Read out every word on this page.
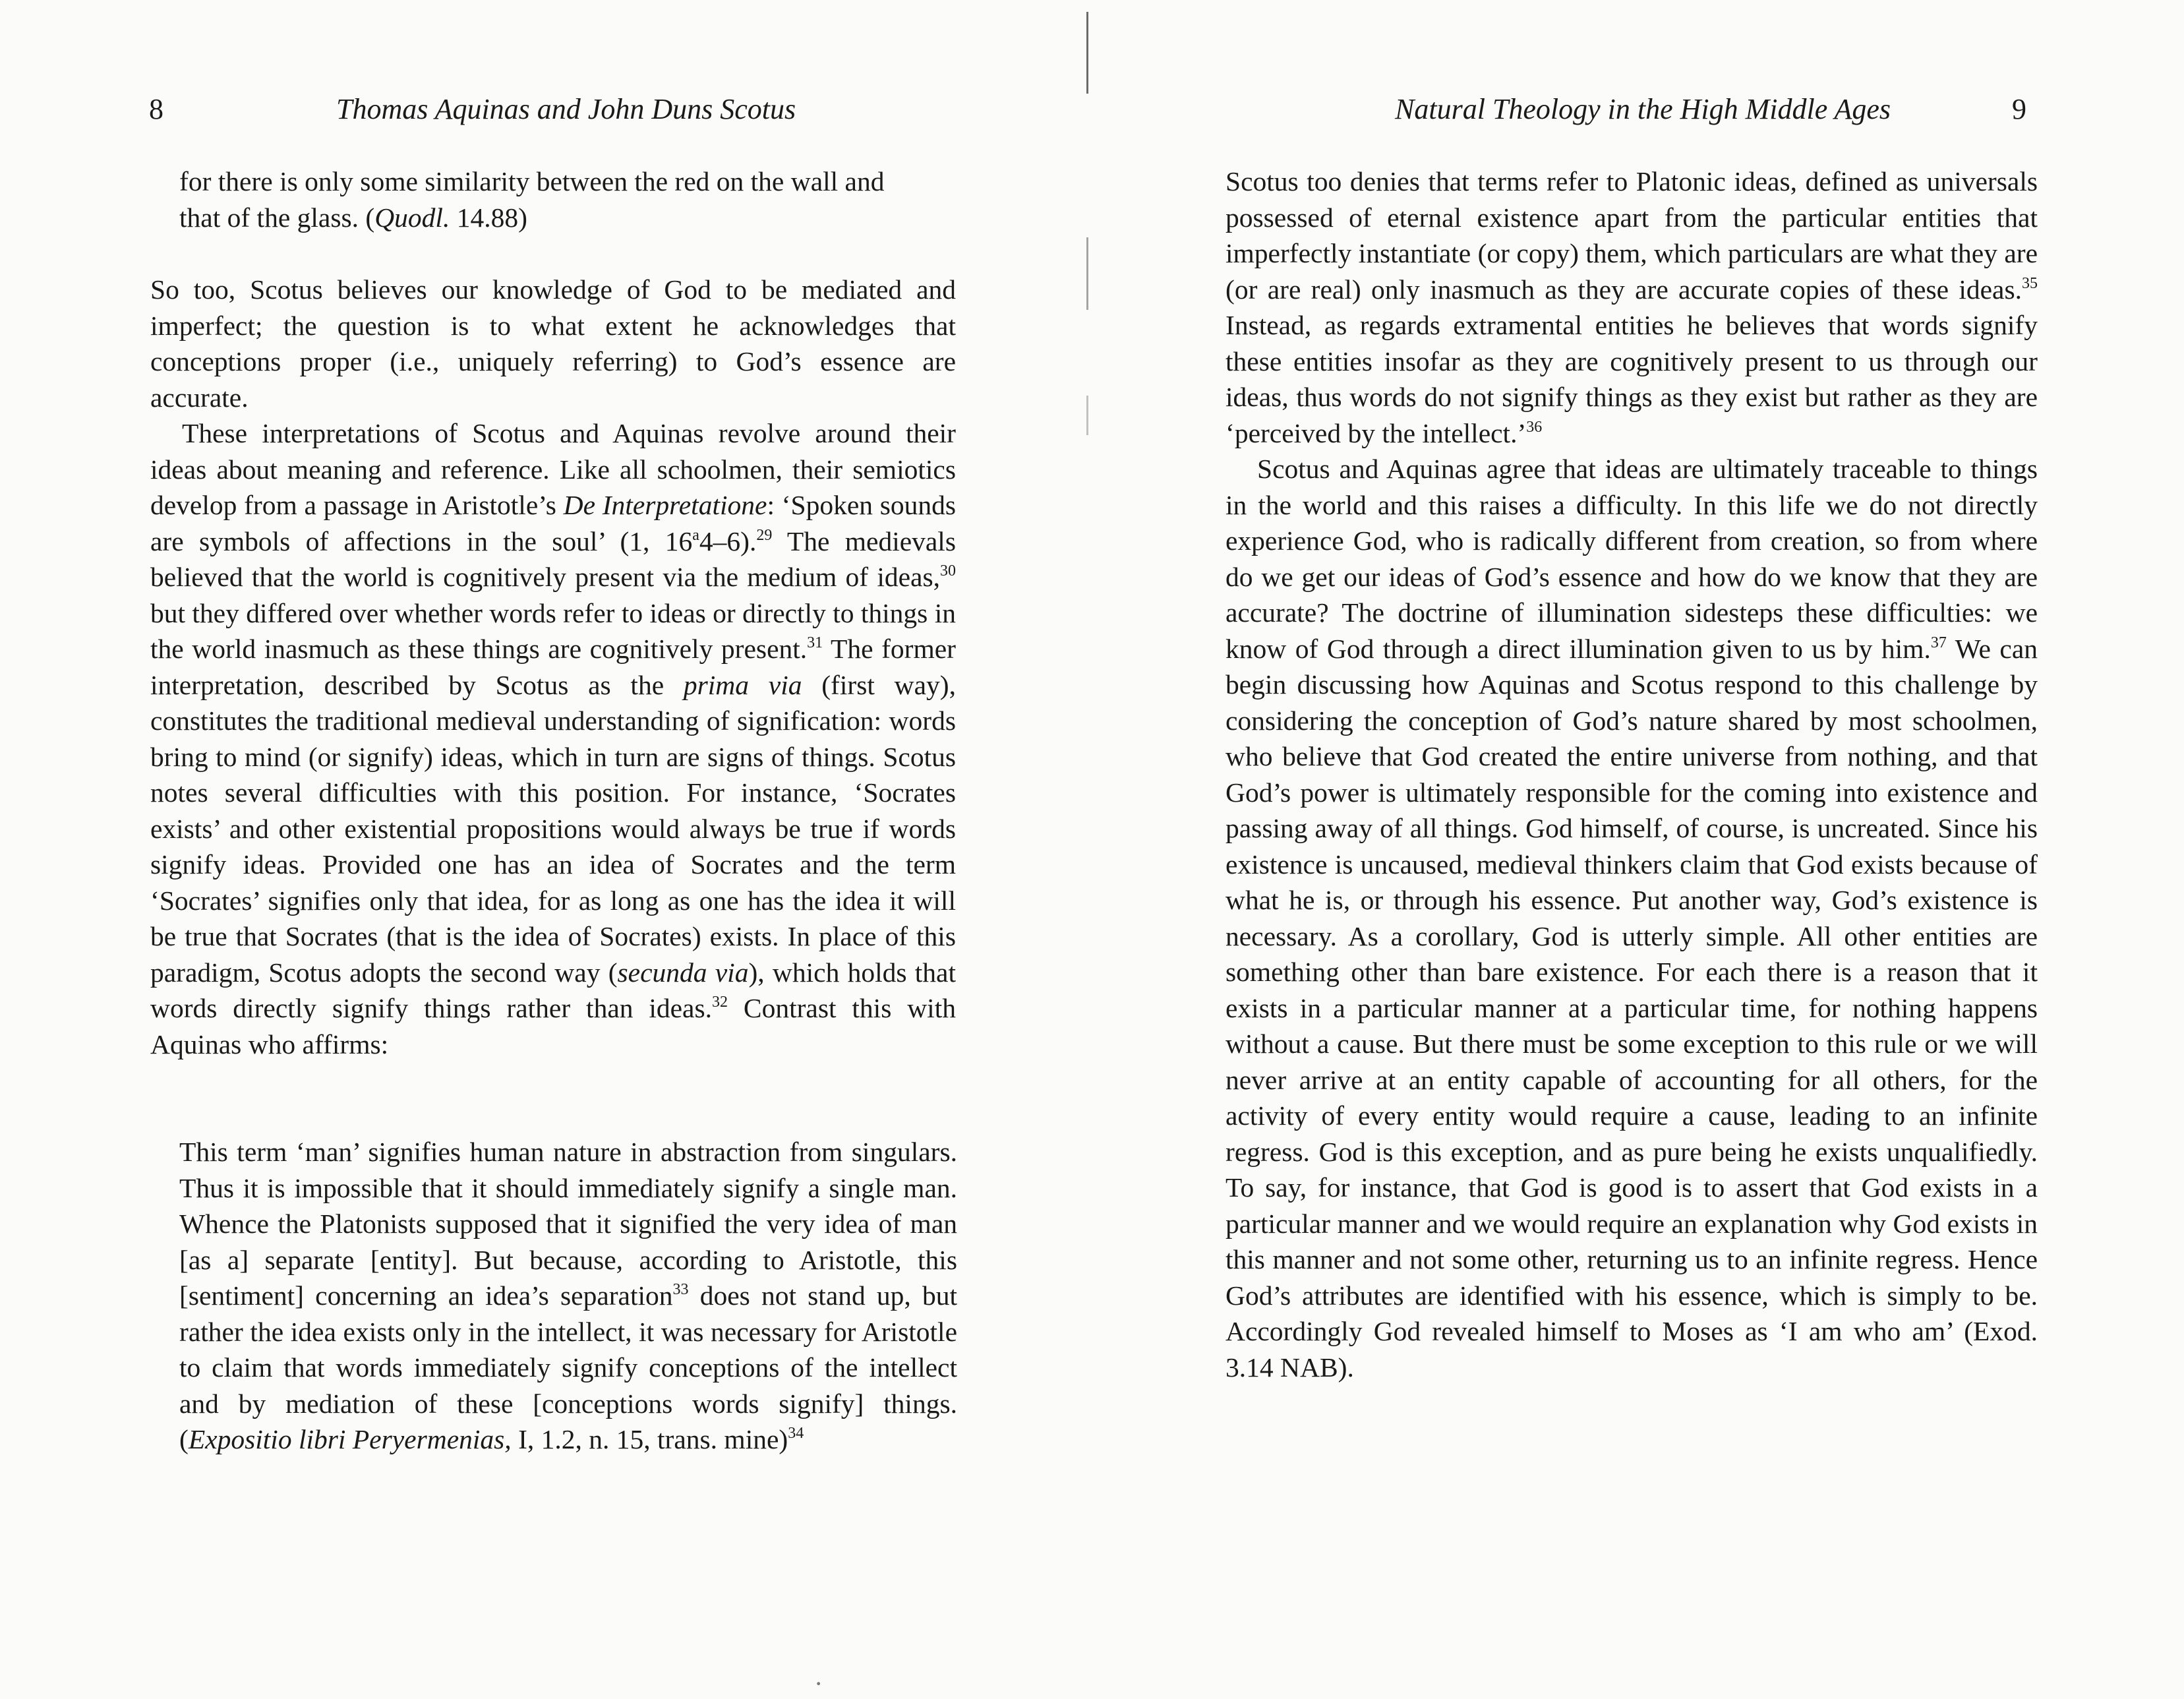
8	Thomas Aquinas and John Duns Scotus
for there is only some similarity between the red on the wall and
that of the glass. (Quodl. 14.88)

So too, Scotus believes our knowledge of God to be mediated and imperfect; the question is to what extent he acknowledges that conceptions proper (i.e., uniquely referring) to God’s essence are accurate.

These interpretations of Scotus and Aquinas revolve around their ideas about meaning and reference. Like all schoolmen, their semiotics develop from a passage in Aristotle’s De Interpretatione: ‘Spoken sounds are symbols of affections in the soul’ (1, 16$^a$4–6).$^{29}$ The medievals believed that the world is cognitively present via the medium of ideas,$^{30}$ but they differed over whether words refer to ideas or directly to things in the world inasmuch as these things are cognitively present.$^{31}$ The former interpretation, described by Scotus as the prima via (first way), constitutes the traditional medieval understanding of signification: words bring to mind (or signify) ideas, which in turn are signs of things. Scotus notes several difficulties with this position. For instance, ‘Socrates exists’ and other existential propositions would always be true if words signify ideas. Provided one has an idea of Socrates and the term ‘Socrates’ signifies only that idea, for as long as one has the idea it will be true that Socrates (that is the idea of Socrates) exists. In place of this paradigm, Scotus adopts the second way (secunda via), which holds that words directly signify things rather than ideas.$^{32}$ Contrast this with Aquinas who affirms:

This term ‘man’ signifies human nature in abstraction from singulars. Thus it is impossible that it should immediately signify a single man. Whence the Platonists supposed that it signified the very idea of man [as a] separate [entity]. But because, according to Aristotle, this [sentiment] concerning an idea’s separation$^{33}$ does not stand up, but rather the idea exists only in the intellect, it was necessary for Aristotle to claim that words immediately signify conceptions of the intellect and by mediation of these [conceptions words signify] things. (Expositio libri Peryermenias, I, 1.2, n. 15, trans. mine)$^{34}$
·
Natural Theology in the High Middle Ages	9

Scotus too denies that terms refer to Platonic ideas, defined as universals possessed of eternal existence apart from the particular entities that imperfectly instantiate (or copy) them, which particulars are what they are (or are real) only inasmuch as they are accurate copies of these ideas.$^{35}$ Instead, as regards extramental entities he believes that words signify these entities insofar as they are cognitively present to us through our ideas, thus words do not signify things as they exist but rather as they are ‘perceived by the intellect.’$^{36}$

Scotus and Aquinas agree that ideas are ultimately traceable to things in the world and this raises a difficulty. In this life we do not directly experience God, who is radically different from creation, so from where do we get our ideas of God’s essence and how do we know that they are accurate? The doctrine of illumination sidesteps these difficulties: we know of God through a direct illumination given to us by him.$^{37}$ We can begin discussing how Aquinas and Scotus respond to this challenge by considering the conception of God’s nature shared by most schoolmen, who believe that God created the entire universe from nothing, and that God’s power is ultimately responsible for the coming into existence and passing away of all things. God himself, of course, is uncreated. Since his existence is uncaused, medieval thinkers claim that God exists because of what he is, or through his essence. Put another way, God’s existence is necessary. As a corollary, God is utterly simple. All other entities are something other than bare existence. For each there is a reason that it exists in a particular manner at a particular time, for nothing happens without a cause. But there must be some exception to this rule or we will never arrive at an entity capable of accounting for all others, for the activity of every entity would require a cause, leading to an infinite regress. God is this exception, and as pure being he exists unqualifiedly. To say, for instance, that God is good is to assert that God exists in a particular manner and we would require an explanation why God exists in this manner and not some other, returning us to an infinite regress. Hence God’s attributes are identified with his essence, which is simply to be. Accordingly God revealed himself to Moses as ‘I am who am’ (Exod. 3.14 NAB).
